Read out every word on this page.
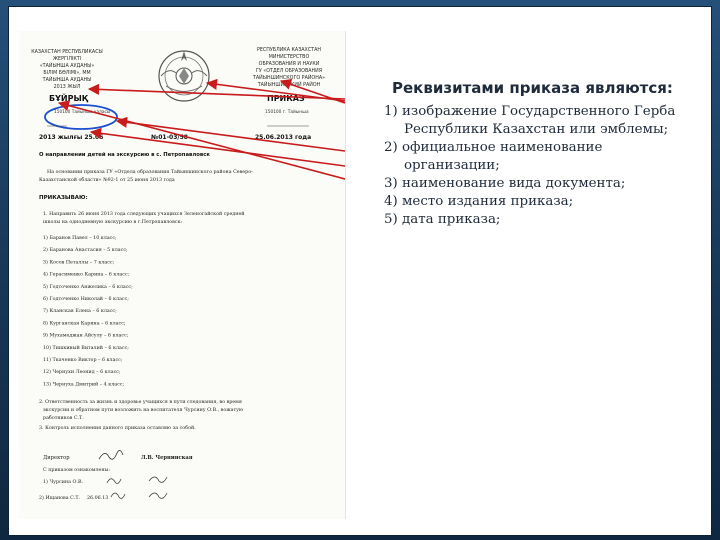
КАЗАХСТАН РЕСПУБЛИКАСЫ
ЖЕРГІЛІКТІ
«ТАЙЫНША АУДАНЫ»
БІЛІМ БӨЛІМІ», ММ
ТАЙЫНША АУДАНЫ
2013 ЖЫЛ
РЕСПУБЛИКА КАЗАХСТАН
МИНИСТЕРСТВО
ОБРАЗОВАНИЯ И НАУКИ
ГУ «ОТДЕЛ ОБРАЗОВАНИЯ
ТАЙЫНШИНСКОГО РАЙОНА»
ТАЙЫНШИНСКИЙ РАЙОН
БҰЙРЫҚ	ПРИКАЗ
150100 Тайынша қаласы	150100 г. Тайынша
2013 жылғы 25.06	№01-03/58	25.06.2013 года
О направлении детей на экскурсию в с. Петропавловск
На основании приказа ГУ «Отдела образования Тайыншинского района Северо-
Казахстанской области» №92-1 от 25 июня 2013 года
ПРИКАЗЫВАЮ:
1. Направить 26 июня 2013 года следующих учащихся Зеленогайской средней
школы на однодневную экскурсию в г.Петропавловск:
1) Баранов Павел – 10 класс;
2) Баранова Анастасия – 5 класс;
3) Косов Петаллы – 7 класс;
4) Герасименко Карина – 6 класс;
5) Годточенко Анжелика – 6 класс;
6) Годточенко Николай – 6 класс;
7) Кланская Елена – 6 класс;
8) Курганская Карина – 6 класс;
9) Мухамеджан Айсулу – 6 класс;
10) Тишкиный Виталий – 6 класс;
11) Ткаченко Виктор – 6 класс;
12) Чернухи Леонид – 6 класс;
13) Чернуха Дмитрий – 4 класс;
2. Ответственность за жизнь и здоровье учащихся в пути следования, во время
экскурсии и обратном пути возложить на воспитателя Чурсину О.В., вожатую
работников С.Т.
3. Контроль исполнения данного приказа оставляю за собой.
Директор	Л.В. Чернинская
С приказом ознакомлены:
1) Чурсина О.В.
2) Ищанова С.Т. 26.06.13
Реквизитами приказа являются:
1) изображение Государственного Герба
Республики Казахстан или эмблемы;
2) официальное наименование
организации;
3) наименование вида документа;
4) место издания приказа;
5) дата приказа;
